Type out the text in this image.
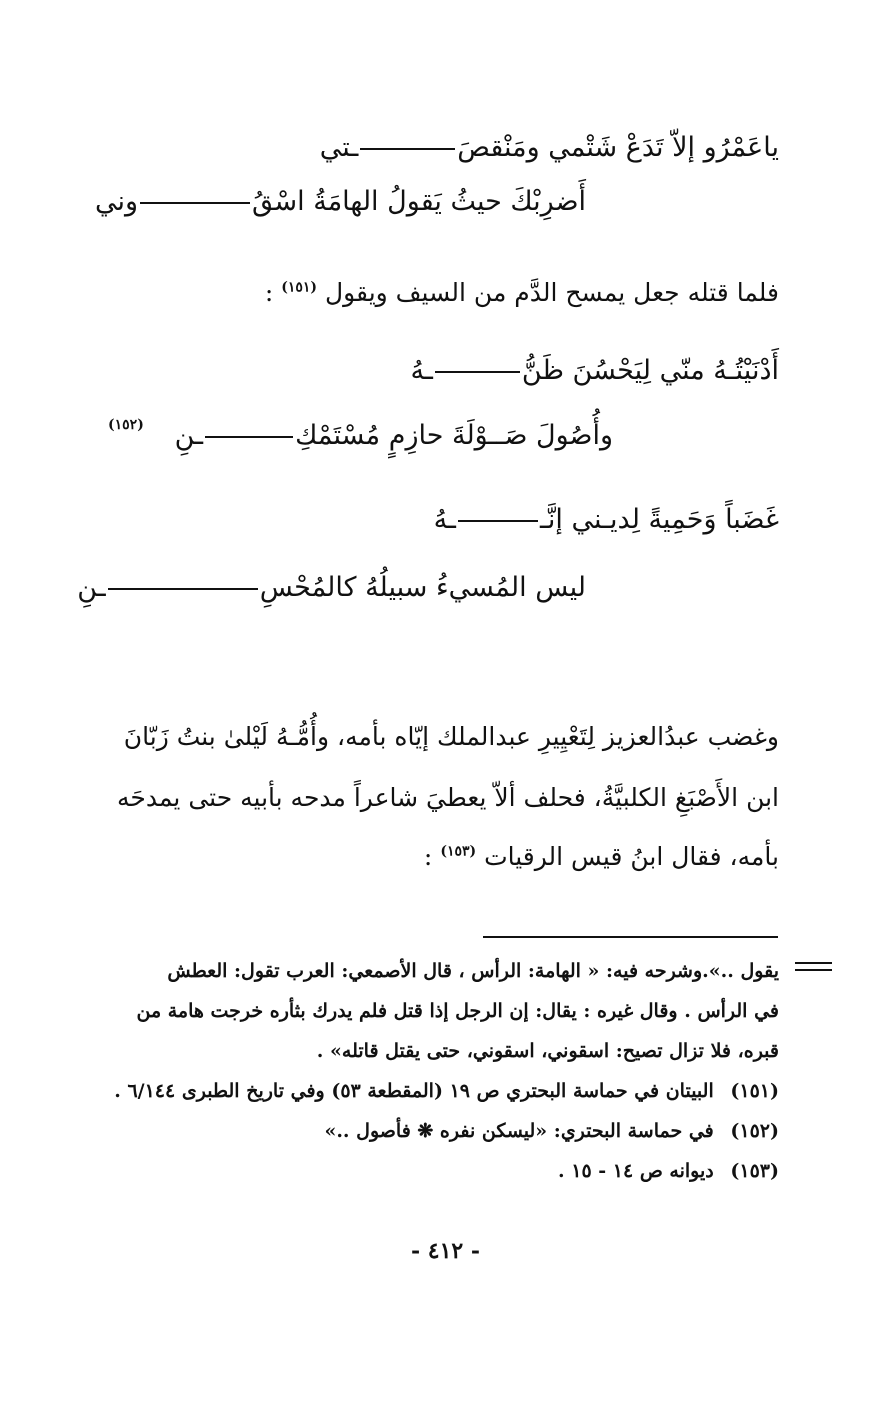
ياعَمْرُو إلاّ تَدَعْ شَتْمي ومَنْقصَـتي
أَضرِبْكَ حيثُ يَقولُ الهامَةُ اسْقُوني
فلما قتله جعل يمسح الدَّم من السيف ويقول $^{(١٥١)}$ :
أَدْنَيْتُـهُ منّي لِيَحْسُنَ ظَنُّـهُ
وأُصُولَ صَــوْلَةَ حازِمٍ مُسْتَمْكِـنِ
(١٥٢)
غَضَباً وَحَمِيةً لِديـني إنَّــهُ
ليس المُسيءُ سبيلُهُ كالمُحْسِـنِ
وغضب عبدُالعزيز لِتَعْيِيرِ عبدالملك إيّاه بأمه، وأُمُّـهُ لَيْلىٰ بنتُ زَبّانَ
ابن الأَصْبَغِ الكلبيَّةُ، فحلف ألاّ يعطيَ شاعراً مدحه بأبيه حتى يمدحَه
بأمه، فقال ابنُ قيس الرقيات $^{(١٥٣)}$ :
يقول ..».وشرحه فيه: « الهامة: الرأس ، قال الأصمعي: العرب تقول: العطش
في الرأس . وقال غيره : يقال: إن الرجل إذا قتل فلم يدرك بثأره خرجت هامة من
قبره، فلا تزال تصيح: اسقوني، اسقوني، حتى يقتل قاتله» .
(١٥١) البيتان في حماسة البحتري ص ١٩ (المقطعة ٥٣) وفي تاريخ الطبرى ٦/١٤٤ .
(١٥٢) في حماسة البحتري: «ليسكن نفره ❋ فأصول ..»
(١٥٣) ديوانه ص ١٤ - ١٥ .
- ٤١٢ -
